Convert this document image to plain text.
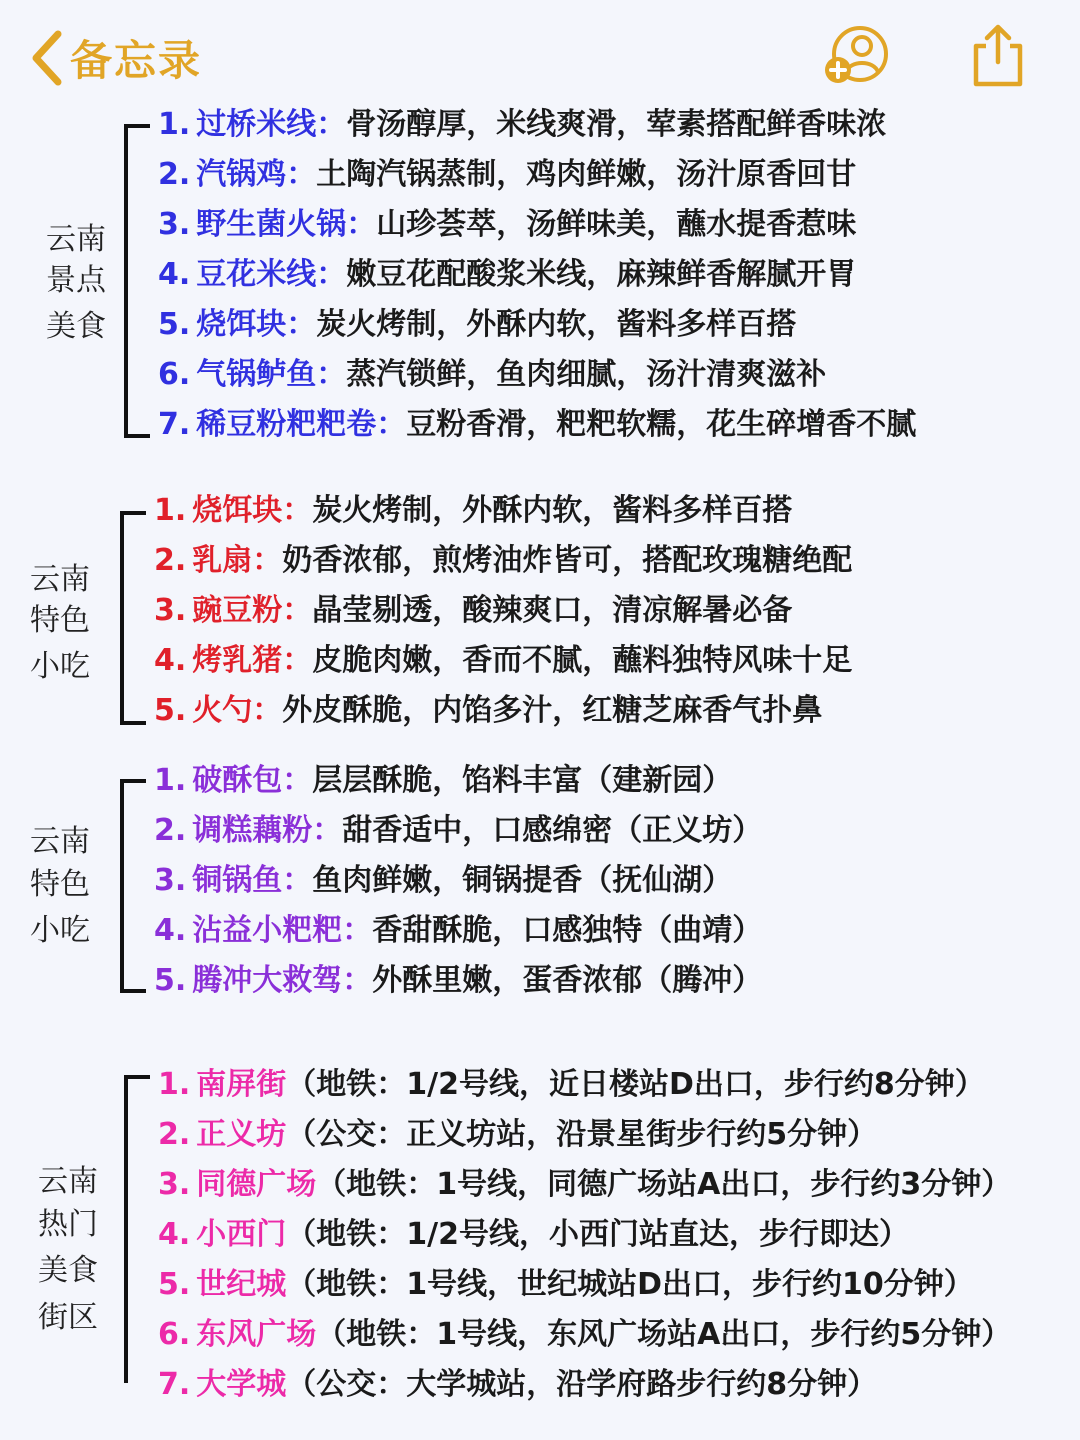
备忘录
云南
景点
美食
1. 过桥米线：骨汤醇厚，米线爽滑，荤素搭配鲜香味浓
2. 汽锅鸡：土陶汽锅蒸制，鸡肉鲜嫩，汤汁原香回甘
3. 野生菌火锅：山珍荟萃，汤鲜味美，蘸水提香惹味
4. 豆花米线：嫩豆花配酸浆米线，麻辣鲜香解腻开胃
5. 烧饵块：炭火烤制，外酥内软，酱料多样百搭
6. 气锅鲈鱼：蒸汽锁鲜，鱼肉细腻，汤汁清爽滋补
7. 稀豆粉粑粑卷：豆粉香滑，粑粑软糯，花生碎增香不腻
云南
特色
小吃
1. 烧饵块：炭火烤制，外酥内软，酱料多样百搭
2. 乳扇：奶香浓郁，煎烤油炸皆可，搭配玫瑰糖绝配
3. 豌豆粉：晶莹剔透，酸辣爽口，清凉解暑必备
4. 烤乳猪：皮脆肉嫩，香而不腻，蘸料独特风味十足
5. 火勺：外皮酥脆，内馅多汁，红糖芝麻香气扑鼻
云南
特色
小吃
1. 破酥包：层层酥脆，馅料丰富（建新园）
2. 调糕藕粉：甜香适中，口感绵密（正义坊）
3. 铜锅鱼：鱼肉鲜嫩，铜锅提香（抚仙湖）
4. 沾益小粑粑：香甜酥脆，口感独特（曲靖）
5. 腾冲大救驾：外酥里嫩，蛋香浓郁（腾冲）
云南
热门
美食
街区
1. 南屏街（地铁：1/2号线，近日楼站D出口，步行约8分钟）
2. 正义坊（公交：正义坊站，沿景星街步行约5分钟）
3. 同德广场（地铁：1号线，同德广场站A出口，步行约3分钟）
4. 小西门（地铁：1/2号线，小西门站直达，步行即达）
5. 世纪城（地铁：1号线，世纪城站D出口，步行约10分钟）
6. 东风广场（地铁：1号线，东风广场站A出口，步行约5分钟）
7. 大学城（公交：大学城站，沿学府路步行约8分钟）
